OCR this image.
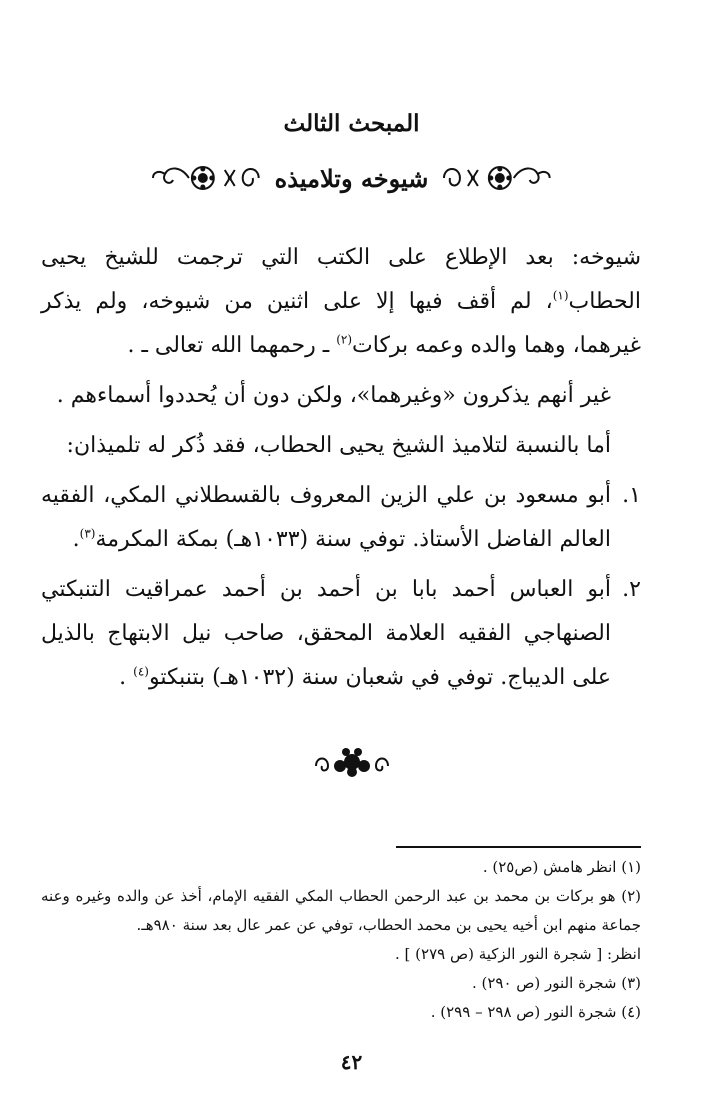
المبحث الثالث
شيوخه وتلاميذه

شيوخه: بعد الإطلاع على الكتب التي ترجمت للشيخ يحيى الحطاب$^{(١)}$، لم أقف فيها إلا على اثنين من شيوخه، ولم يذكر غيرهما، وهما والده وعمه بركات$^{(٢)}$ ـ رحمهما الله تعالى ـ .

غير أنهم يذكرون «وغيرهما»، ولكن دون أن يُحددوا أسماءهم .

أما بالنسبة لتلاميذ الشيخ يحيى الحطاب، فقد ذُكر له تلميذان:

١.
أبو مسعود بن علي الزين المعروف بالقسطلاني المكي، الفقيه العالم الفاضل الأستاذ. توفي سنة (١٠٣٣هـ) بمكة المكرمة$^{(٣)}$.
٢.
أبو العباس أحمد بابا بن أحمد بن أحمد عمراقيت التنبكتي الصنهاجي الفقيه العلامة المحقق، صاحب نيل الابتهاج بالذيل على الديباج. توفي في شعبان سنة (١٠٣٢هـ) بتنبكتو$^{(٤)}$ .

(١) انظر هامش (ص٢٥) .

(٢) هو بركات بن محمد بن عبد الرحمن الحطاب المكي الفقيه الإمام، أخذ عن والده وغيره وعنه جماعة منهم ابن أخيه يحيى بن محمد الحطاب، توفي عن عمر عال بعد سنة ٩٨٠هـ.

انظر: [ شجرة النور الزكية (ص ٢٧٩) ] .

(٣) شجرة النور (ص ٢٩٠) .

(٤) شجرة النور (ص ٢٩٨ – ٢٩٩) .

٤٢
